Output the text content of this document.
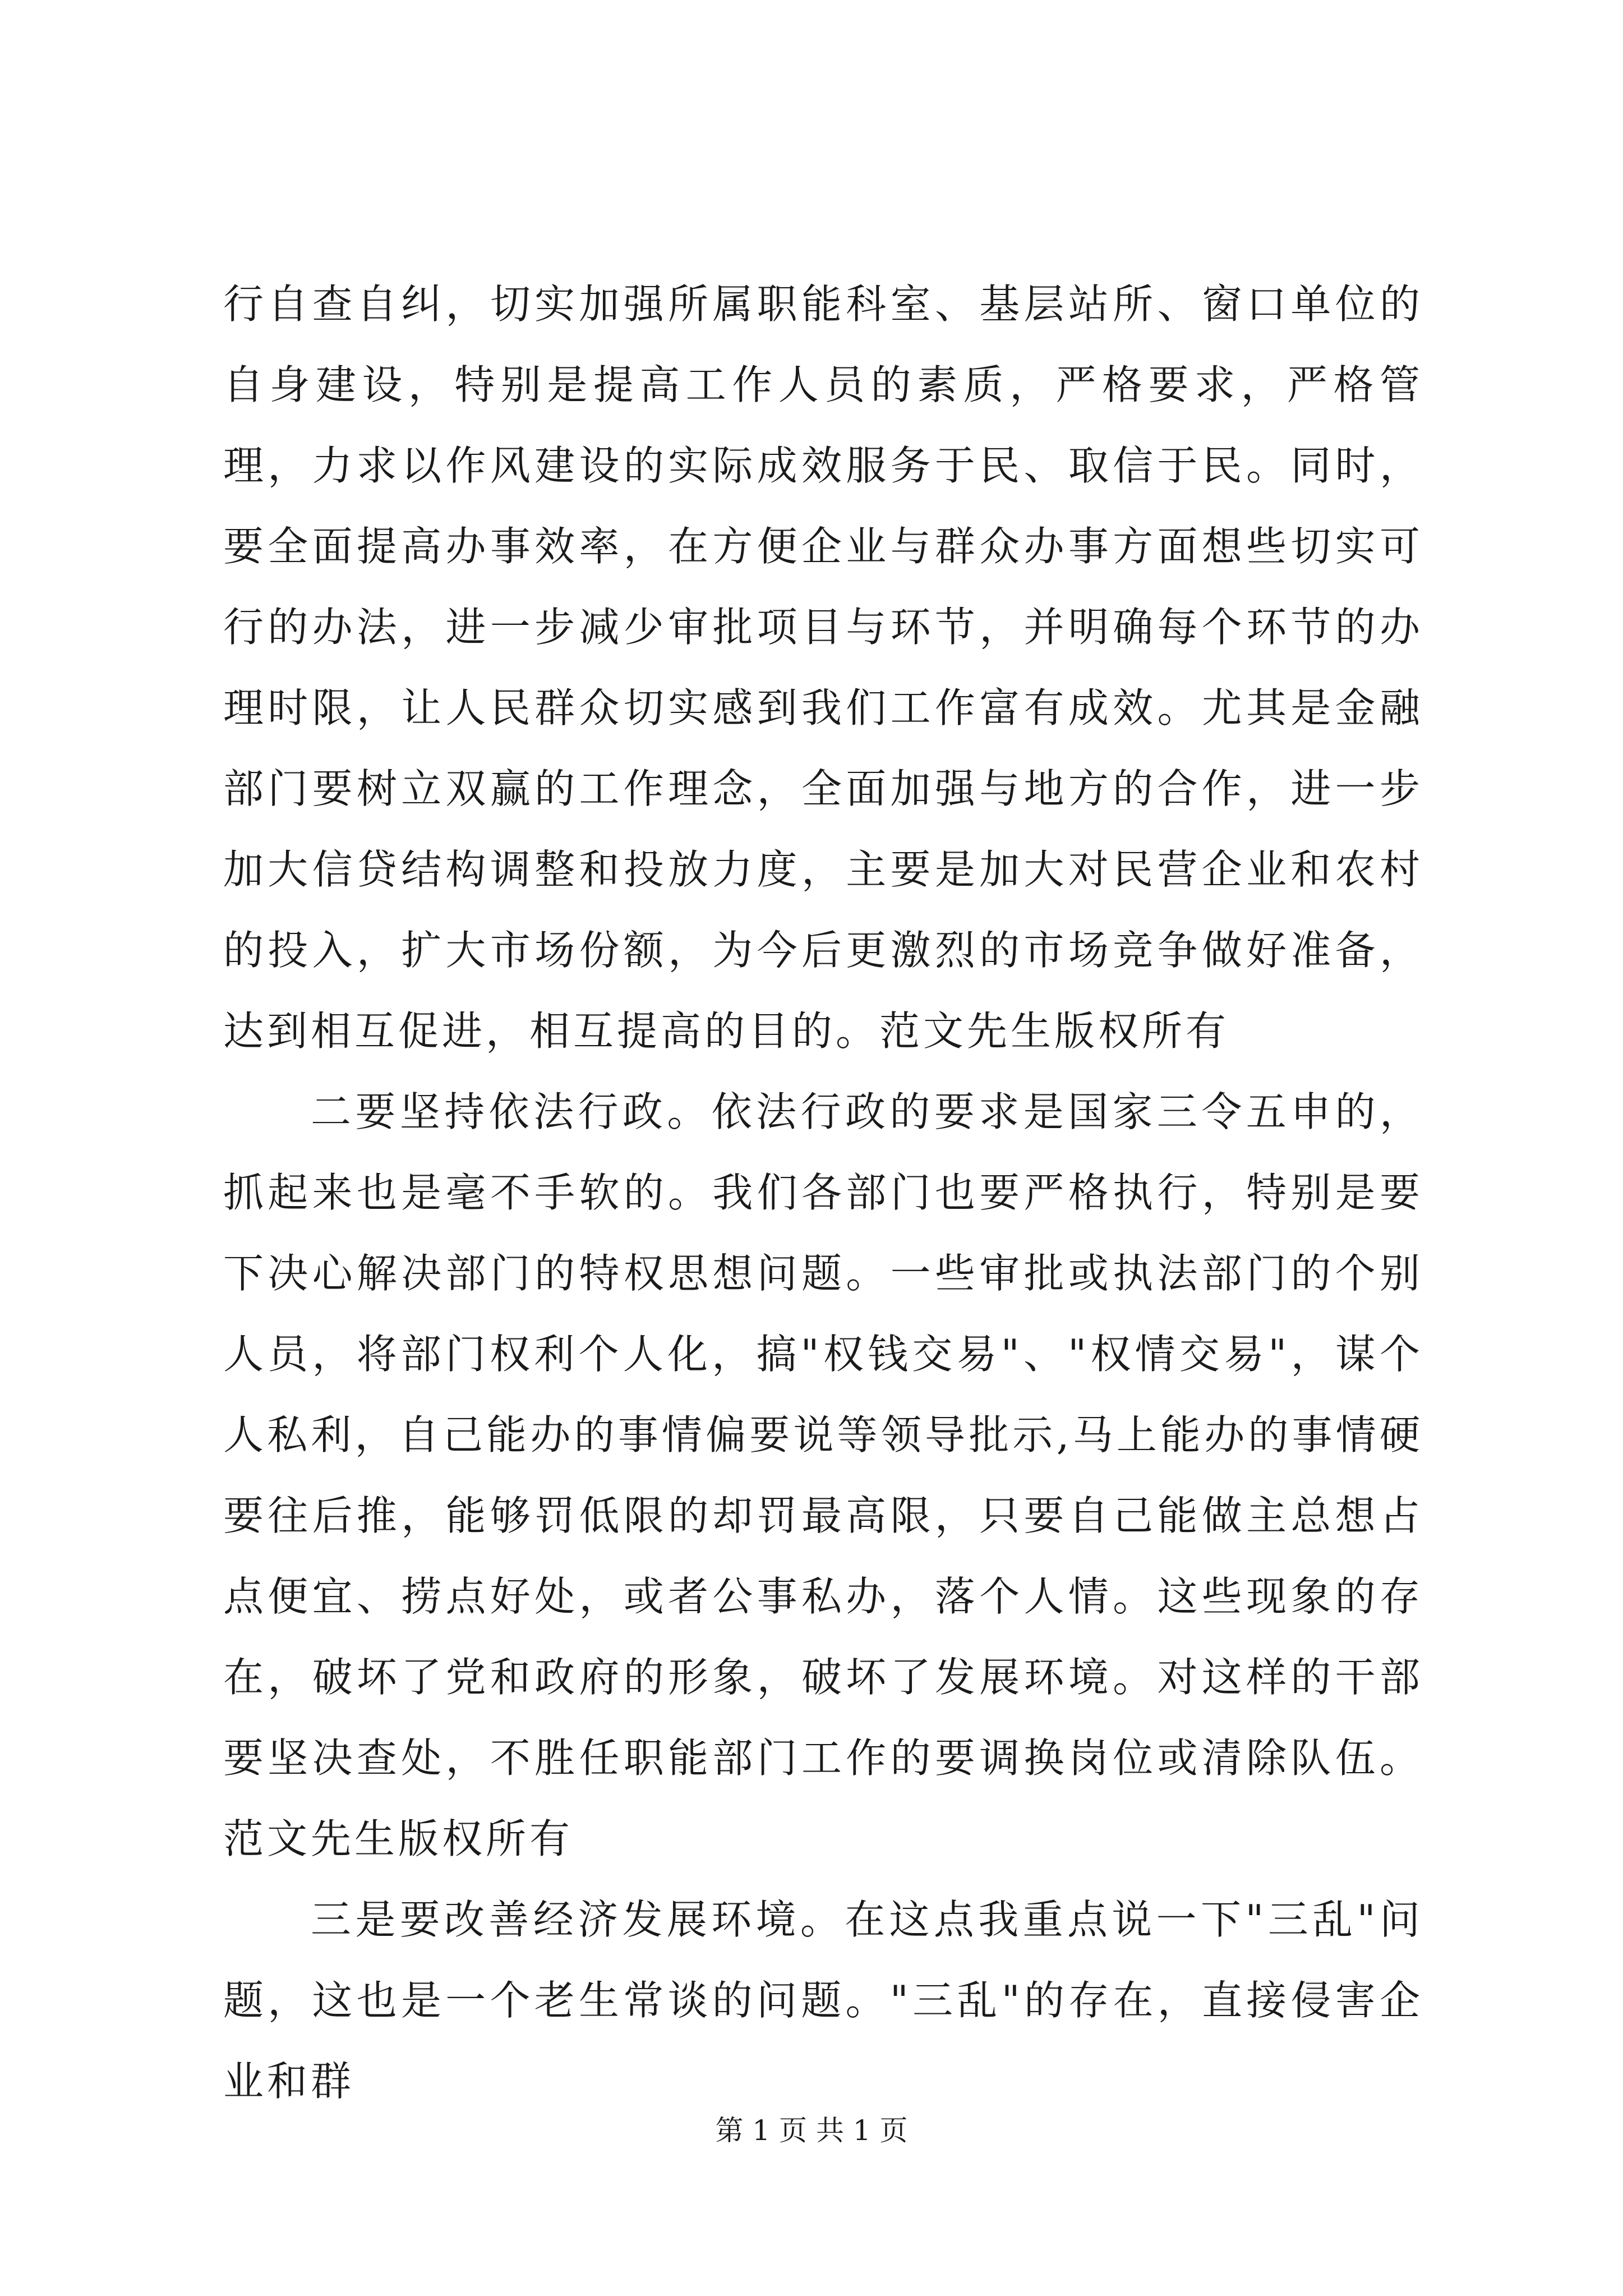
行自查自纠，切实加强所属职能科室、基层站所、窗口单位的自身建设，特别是提高工作人员的素质，严格要求，严格管理，力求以作风建设的实际成效服务于民、取信于民。同时，要全面提高办事效率，在方便企业与群众办事方面想些切实可行的办法，进一步减少审批项目与环节，并明确每个环节的办理时限，让人民群众切实感到我们工作富有成效。尤其是金融部门要树立双赢的工作理念，全面加强与地方的合作，进一步加大信贷结构调整和投放力度，主要是加大对民营企业和农村的投入，扩大市场份额，为今后更激烈的市场竞争做好准备，达到相互促进，相互提高的目的。范文先生版权所有

二要坚持依法行政。依法行政的要求是国家三令五申的，抓起来也是毫不手软的。我们各部门也要严格执行，特别是要下决心解决部门的特权思想问题。一些审批或执法部门的个别人员，将部门权利个人化，搞"权钱交易"、"权情交易"，谋个人私利，自己能办的事情偏要说等领导批示,马上能办的事情硬要往后推，能够罚低限的却罚最高限，只要自己能做主总想占点便宜、捞点好处，或者公事私办，落个人情。这些现象的存在，破坏了党和政府的形象，破坏了发展环境。对这样的干部要坚决查处，不胜任职能部门工作的要调换岗位或清除队伍。范文先生版权所有

三是要改善经济发展环境。在这点我重点说一下"三乱"问题，这也是一个老生常谈的问题。"三乱"的存在，直接侵害企业和群

第 1 页 共 1 页
